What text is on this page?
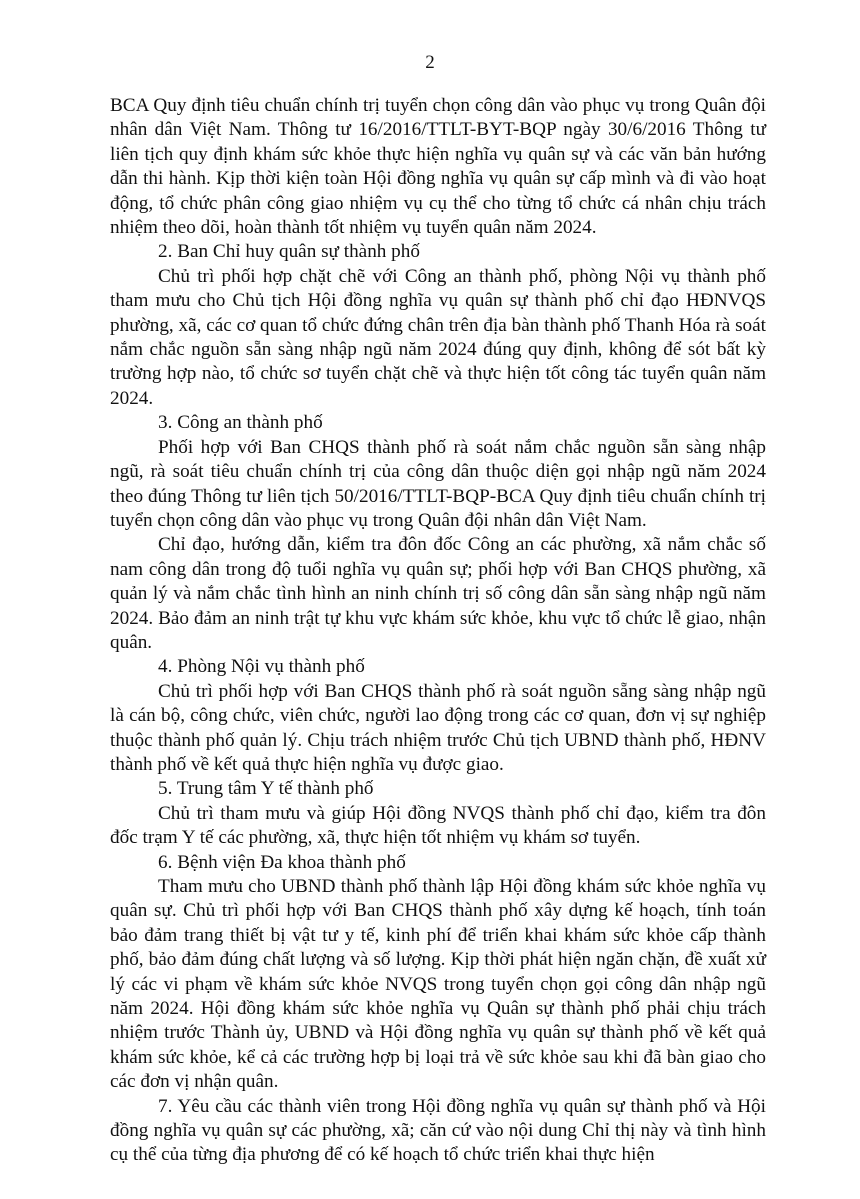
2

BCA Quy định tiêu chuẩn chính trị tuyển chọn công dân vào phục vụ trong Quân đội nhân dân Việt Nam. Thông tư 16/2016/TTLT-BYT-BQP ngày 30/6/2016 Thông tư liên tịch quy định khám sức khỏe thực hiện nghĩa vụ quân sự và các văn bản hướng dẫn thi hành. Kịp thời kiện toàn Hội đồng nghĩa vụ quân sự cấp mình và đi vào hoạt động, tổ chức phân công giao nhiệm vụ cụ thể cho từng tổ chức cá nhân chịu trách nhiệm theo dõi, hoàn thành tốt nhiệm vụ tuyển quân năm 2024.

2. Ban Chỉ huy quân sự thành phố

Chủ trì phối hợp chặt chẽ với Công an thành phố, phòng Nội vụ thành phố tham mưu cho Chủ tịch Hội đồng nghĩa vụ quân sự thành phố chỉ đạo HĐNVQS phường, xã, các cơ quan tổ chức đứng chân trên địa bàn thành phố Thanh Hóa rà soát nắm chắc nguồn sẵn sàng nhập ngũ năm 2024 đúng quy định, không để sót bất kỳ trường hợp nào, tổ chức sơ tuyển chặt chẽ và thực hiện tốt công tác tuyển quân năm 2024.

3. Công an thành phố

Phối hợp với Ban CHQS thành phố rà soát nắm chắc nguồn sẵn sàng nhập ngũ, rà soát tiêu chuẩn chính trị của công dân thuộc diện gọi nhập ngũ năm 2024 theo đúng Thông tư liên tịch 50/2016/TTLT-BQP-BCA Quy định tiêu chuẩn chính trị tuyển chọn công dân vào phục vụ trong Quân đội nhân dân Việt Nam.

Chỉ đạo, hướng dẫn, kiểm tra đôn đốc Công an các phường, xã nắm chắc số nam công dân trong độ tuổi nghĩa vụ quân sự; phối hợp với Ban CHQS phường, xã quản lý và nắm chắc tình hình an ninh chính trị số công dân sẵn sàng nhập ngũ năm 2024. Bảo đảm an ninh trật tự khu vực khám sức khỏe, khu vực tổ chức lễ giao, nhận quân.

4. Phòng Nội vụ thành phố

Chủ trì phối hợp với Ban CHQS thành phố rà soát nguồn sẵng sàng nhập ngũ là cán bộ, công chức, viên chức, người lao động trong các cơ quan, đơn vị sự nghiệp thuộc thành phố quản lý. Chịu trách nhiệm trước Chủ tịch UBND thành phố, HĐNV thành phố về kết quả thực hiện nghĩa vụ được giao.

5. Trung tâm Y tế thành phố

Chủ trì tham mưu và giúp Hội đồng NVQS thành phố chỉ đạo, kiểm tra đôn đốc trạm Y tế các phường, xã, thực hiện tốt nhiệm vụ khám sơ tuyển.

6. Bệnh viện Đa khoa thành phố

Tham mưu cho UBND thành phố thành lập Hội đồng khám sức khỏe nghĩa vụ quân sự. Chủ trì phối hợp với Ban CHQS thành phố xây dựng kế hoạch, tính toán bảo đảm trang thiết bị vật tư y tế, kinh phí để triển khai khám sức khỏe cấp thành phố, bảo đảm đúng chất lượng và số lượng. Kịp thời phát hiện ngăn chặn, đề xuất xử lý các vi phạm về khám sức khỏe NVQS trong tuyển chọn gọi công dân nhập ngũ năm 2024. Hội đồng khám sức khỏe nghĩa vụ Quân sự thành phố phải chịu trách nhiệm trước Thành ủy, UBND và Hội đồng nghĩa vụ quân sự thành phố về kết quả khám sức khỏe, kể cả các trường hợp bị loại trả về sức khỏe sau khi đã bàn giao cho các đơn vị nhận quân.

7. Yêu cầu các thành viên trong Hội đồng nghĩa vụ quân sự thành phố và Hội đồng nghĩa vụ quân sự các phường, xã; căn cứ vào nội dung Chỉ thị này và tình hình cụ thể của từng địa phương để có kế hoạch tổ chức triển khai thực hiện
